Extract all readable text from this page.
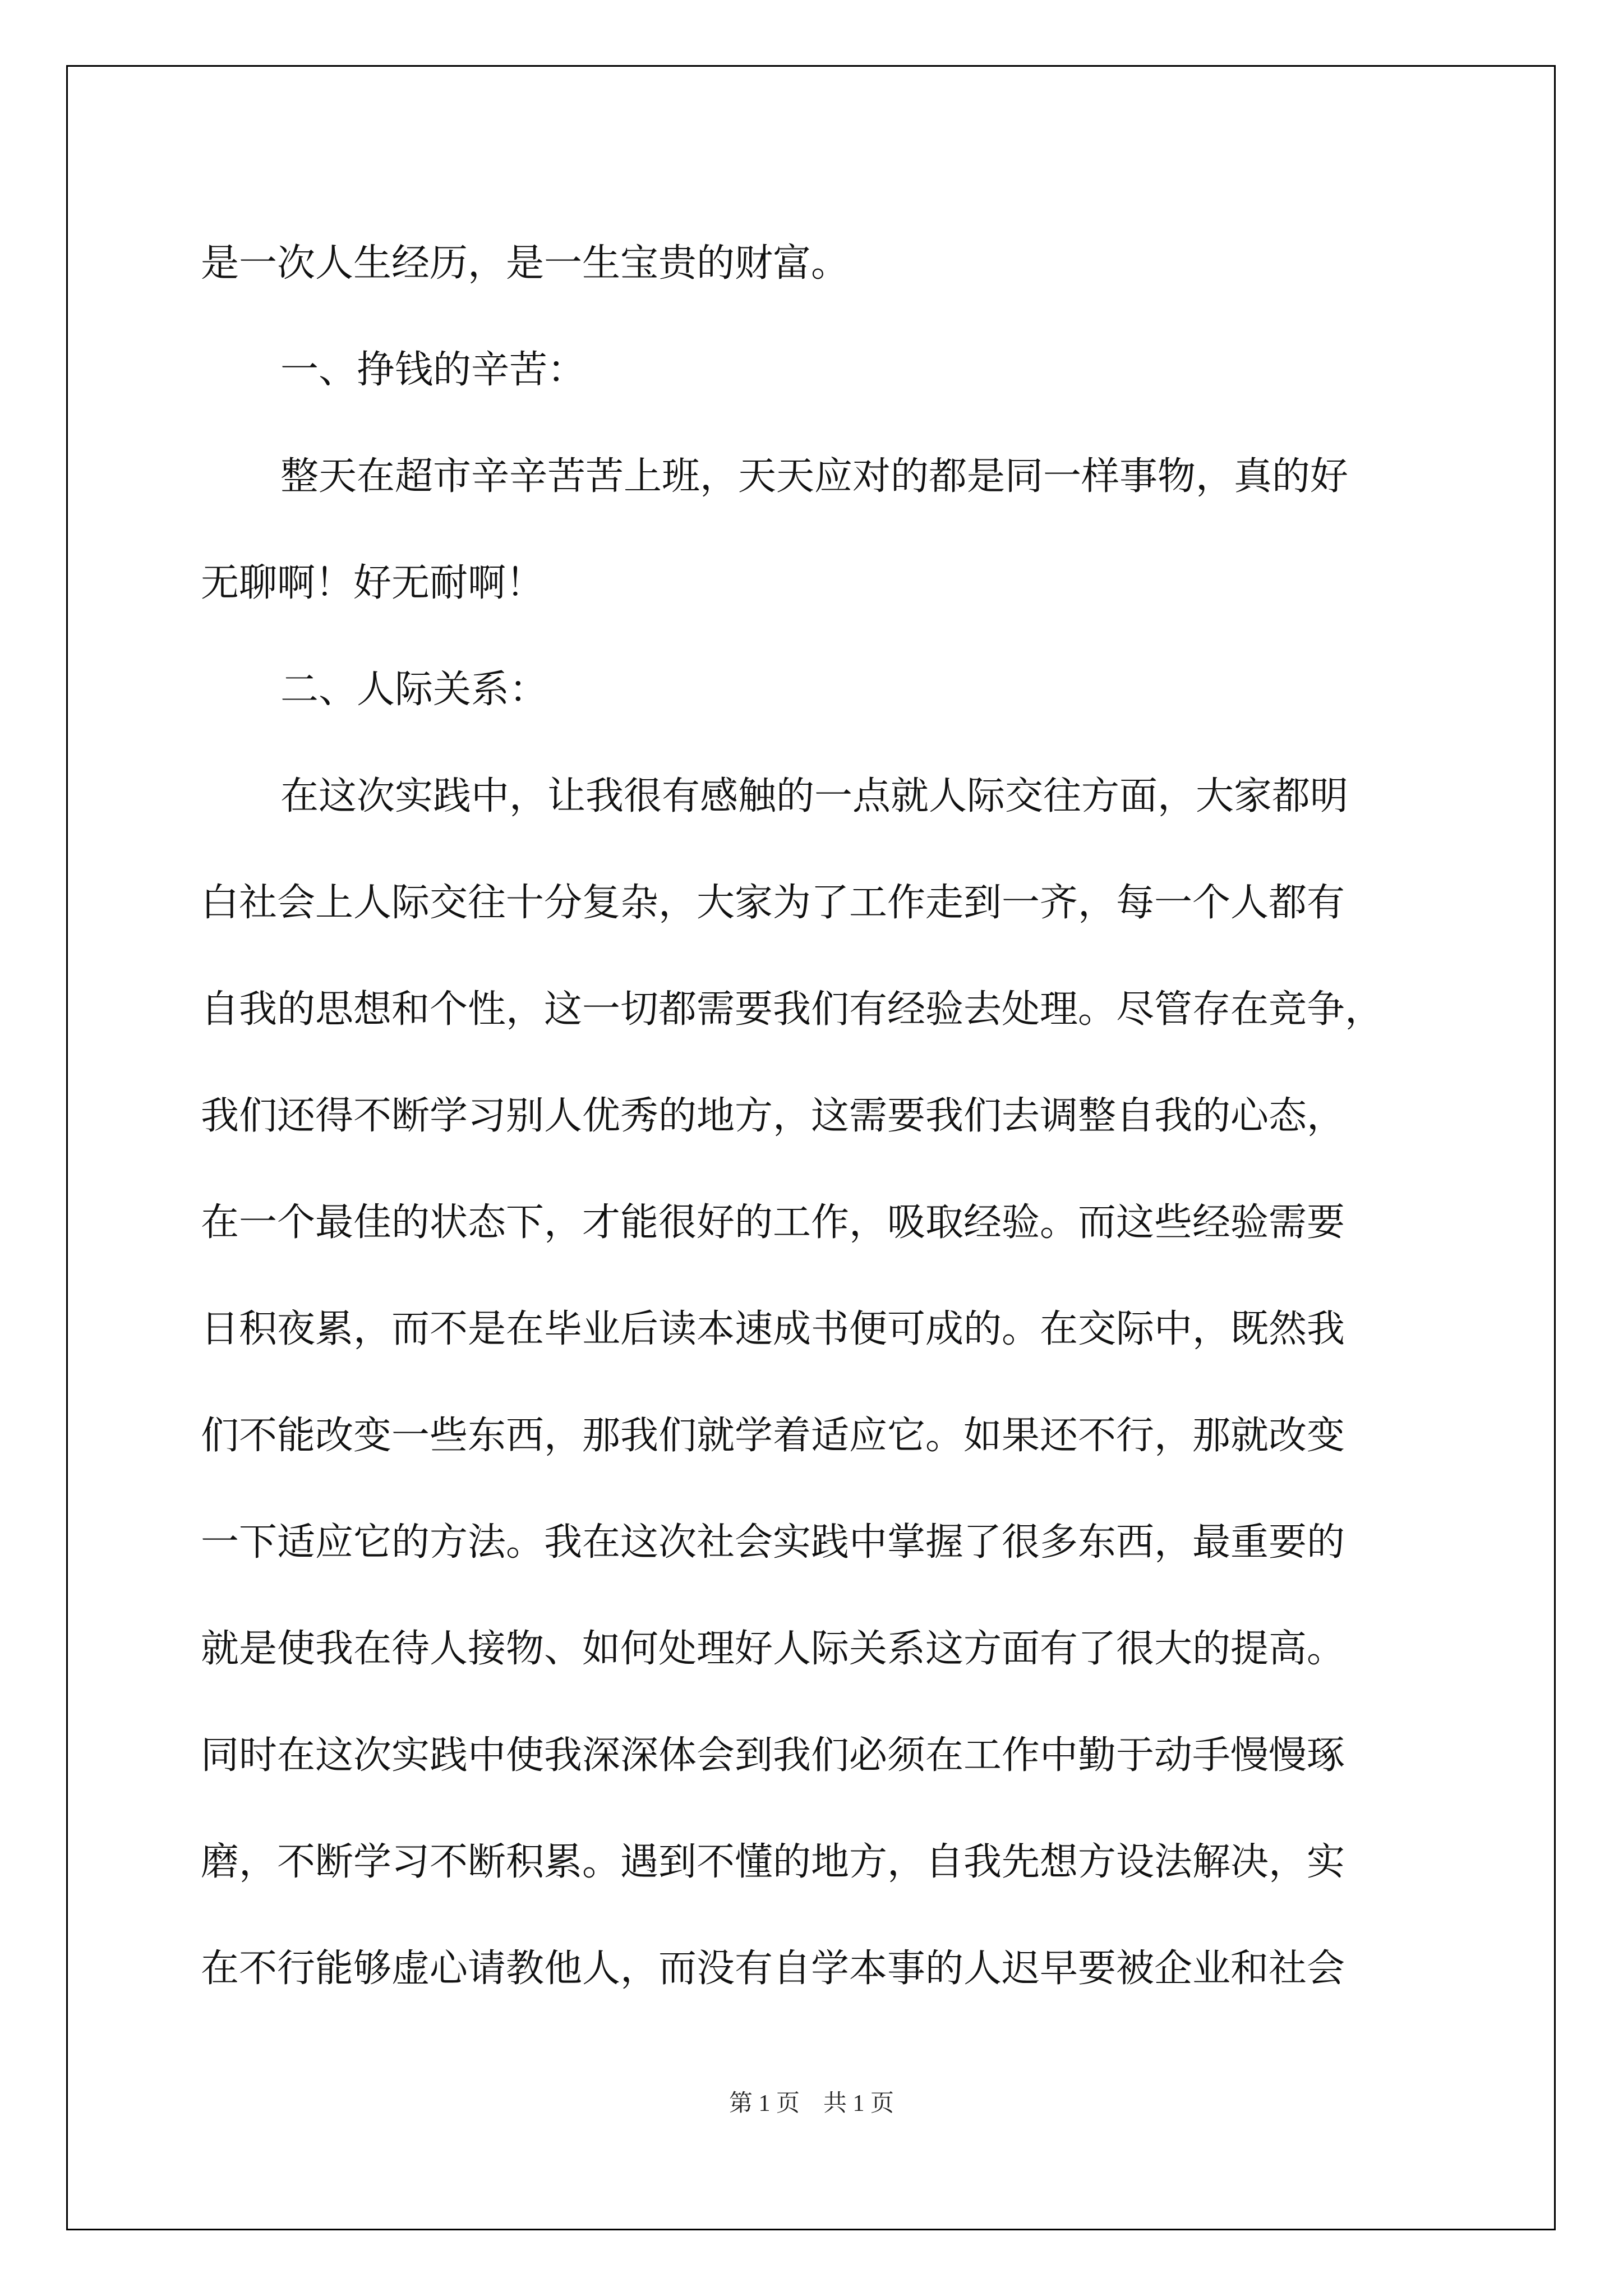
是一次人生经历，是一生宝贵的财富。
一、挣钱的辛苦：
整天在超市辛辛苦苦上班，天天应对的都是同一样事物，真的好
无聊啊！好无耐啊！
二、人际关系：
在这次实践中，让我很有感触的一点就人际交往方面，大家都明
白社会上人际交往十分复杂，大家为了工作走到一齐，每一个人都有
自我的思想和个性，这一切都需要我们有经验去处理。尽管存在竞争，
我们还得不断学习别人优秀的地方，这需要我们去调整自我的心态，
在一个最佳的状态下，才能很好的工作，吸取经验。而这些经验需要
日积夜累，而不是在毕业后读本速成书便可成的。在交际中，既然我
们不能改变一些东西，那我们就学着适应它。如果还不行，那就改变
一下适应它的方法。我在这次社会实践中掌握了很多东西，最重要的
就是使我在待人接物、如何处理好人际关系这方面有了很大的提高。
同时在这次实践中使我深深体会到我们必须在工作中勤于动手慢慢琢
磨，不断学习不断积累。遇到不懂的地方，自我先想方设法解决，实
在不行能够虚心请教他人，而没有自学本事的人迟早要被企业和社会
第 1 页　共 1 页
